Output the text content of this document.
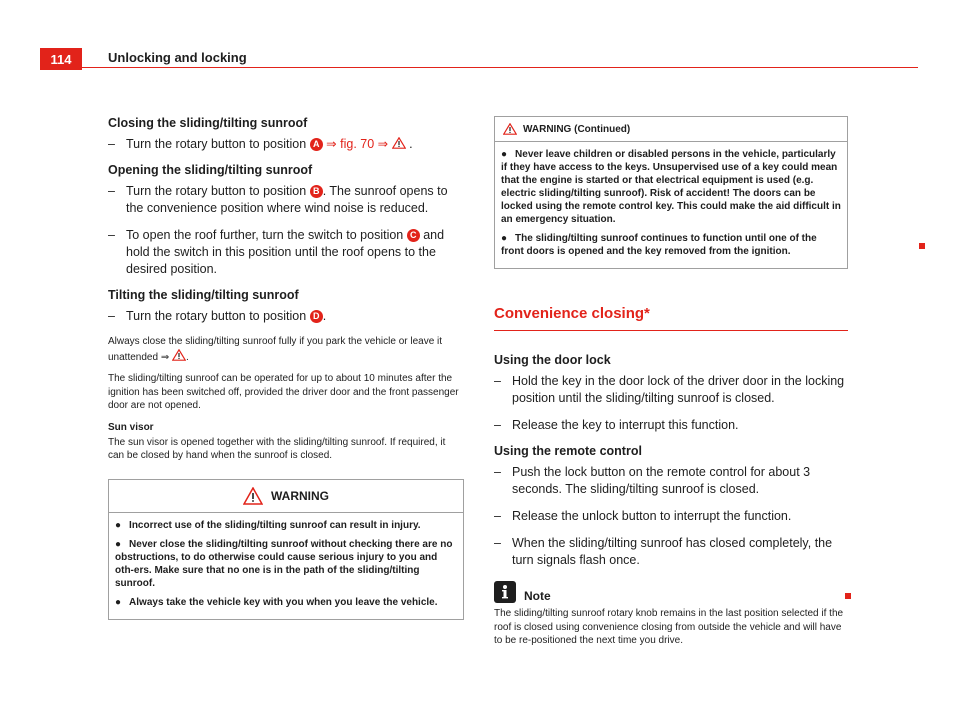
114	Unlocking and locking

Closing the sliding/tilting sunroof

– Turn the rotary button to position A ⇒ fig. 70 ⇒ .

Opening the sliding/tilting sunroof

– Turn the rotary button to position B . The sunroof opens to the convenience position where wind noise is reduced.
– To open the roof further, turn the switch to position C and hold the switch in this position until the roof opens to the desired position.

Tilting the sliding/tilting sunroof

– Turn the rotary button to position D .

Always close the sliding/tilting sunroof fully if you park the vehicle or leave it unattended ⇒ .

The sliding/tilting sunroof can be operated for up to about 10 minutes after the ignition has been switched off, provided the driver door and the front passenger door are not opened.

Sun visor

The sun visor is opened together with the sliding/tilting sunroof. If required, it can be closed by hand when the sunroof is closed.

WARNING

● Incorrect use of the sliding/tilting sunroof can result in injury.

● Never close the sliding/tilting sunroof without checking there are no obstructions, to do otherwise could cause serious injury to you and oth-ers. Make sure that no one is in the path of the sliding/tilting sunroof.

● Always take the vehicle key with you when you leave the vehicle.

WARNING (Continued)

● Never leave children or disabled persons in the vehicle, particularly if they have access to the keys. Unsupervised use of a key could mean that the engine is started or that electrical equipment is used (e.g. electric sliding/tilting sunroof). Risk of accident! The doors can be locked using the remote control key. This could make the aid difficult in an emergency situation.

● The sliding/tilting sunroof continues to function until one of the front doors is opened and the key removed from the ignition.

Convenience closing*

Using the door lock

– Hold the key in the door lock of the driver door in the locking position until the sliding/tilting sunroof is closed.
– Release the key to interrupt this function.

Using the remote control

– Push the lock button on the remote control for about 3 seconds. The sliding/tilting sunroof is closed.
– Release the unlock button to interrupt the function.
– When the sliding/tilting sunroof has closed completely, the turn signals flash once.
Note

The sliding/tilting sunroof rotary knob remains in the last position selected if the roof is closed using convenience closing from outside the vehicle and will have to be re-positioned the next time you drive.
